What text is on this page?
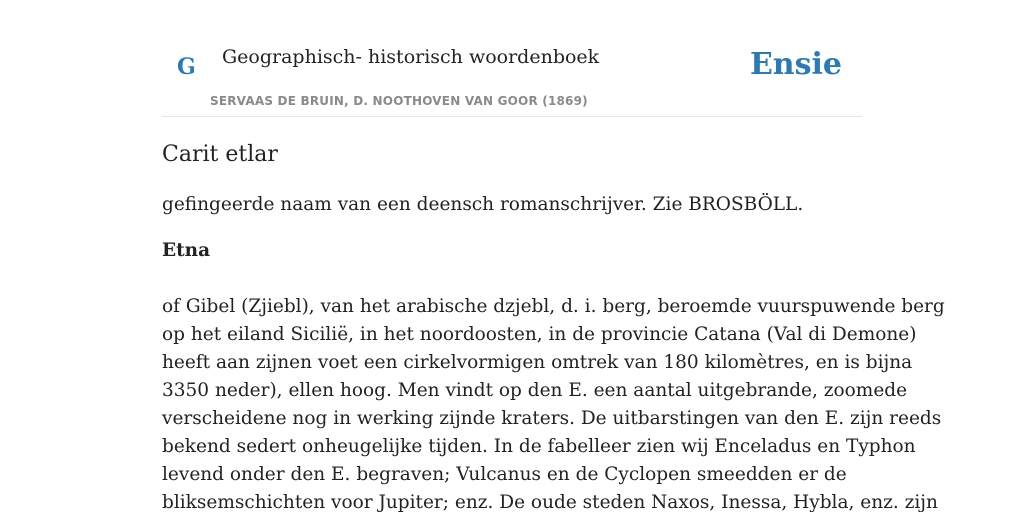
G Geographisch- historisch woordenboek
SERVAAS DE BRUIN, D. NOOTHOVEN VAN GOOR (1869)
Ensie
Carit etlar

gefingeerde naam van een deensch romanschrijver. Zie BROSBÖLL.

Etna
of Gibel (Zjiebl), van het arabische dzjebl, d. i. berg, beroemde vuurspuwende berg
op het eiland Sicilië, in het noordoosten, in de provincie Catana (Val di Demone)
heeft aan zijnen voet een cirkelvormigen omtrek van 180 kilomètres, en is bijna
3350 neder), ellen hoog. Men vindt op den E. een aantal uitgebrande, zoomede
verscheidene nog in werking zijnde kraters. De uitbarstingen van den E. zijn reeds
bekend sedert onheugelijke tijden. In de fabelleer zien wij Enceladus en Typhon
levend onder den E. begraven; Vulcanus en de Cyclopen smeedden er de
bliksemschichten voor Jupiter; enz. De oude steden Naxos, Inessa, Hybla, enz. zijn
